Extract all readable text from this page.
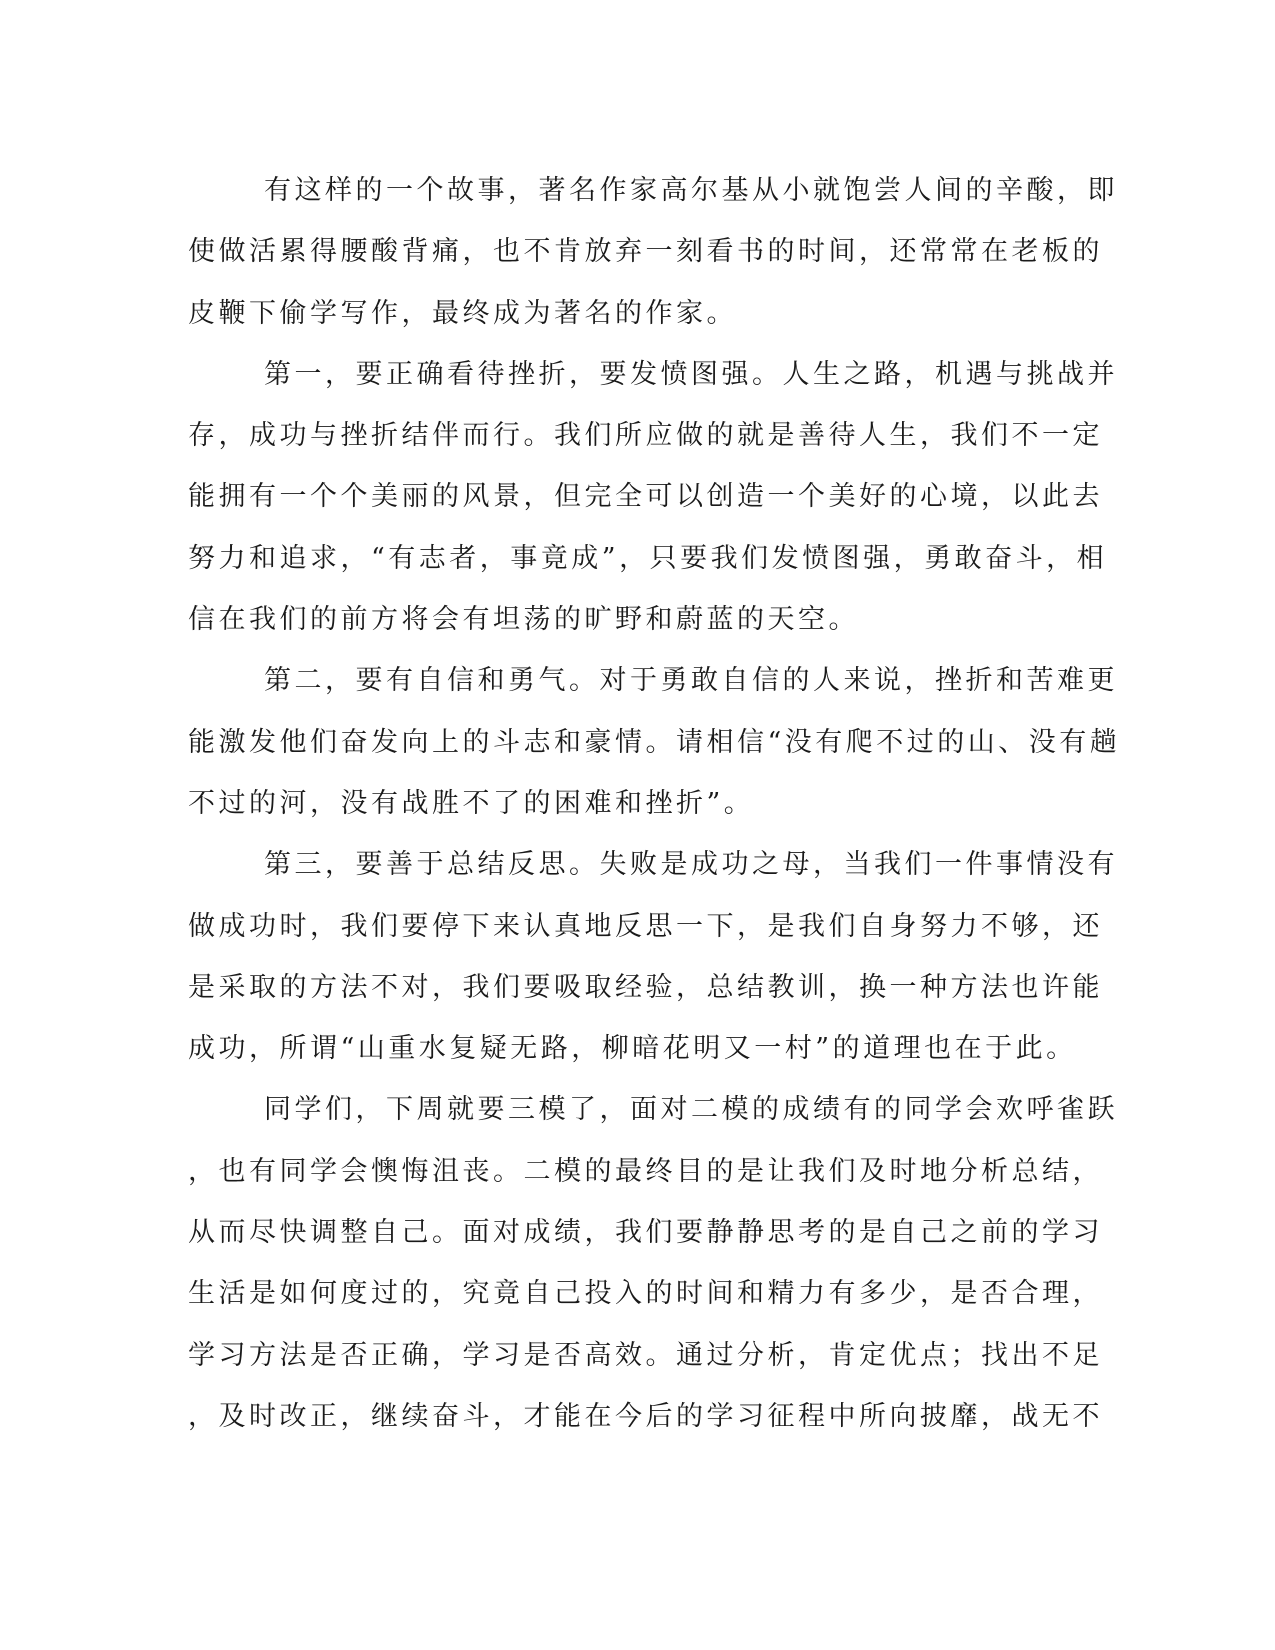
有这样的一个故事，著名作家高尔基从小就饱尝人间的辛酸，即
使做活累得腰酸背痛，也不肯放弃一刻看书的时间，还常常在老板的
皮鞭下偷学写作，最终成为著名的作家。
第一，要正确看待挫折，要发愤图强。人生之路，机遇与挑战并
存，成功与挫折结伴而行。我们所应做的就是善待人生，我们不一定
能拥有一个个美丽的风景，但完全可以创造一个美好的心境，以此去
努力和追求，“有志者，事竟成”，只要我们发愤图强，勇敢奋斗，相
信在我们的前方将会有坦荡的旷野和蔚蓝的天空。
第二，要有自信和勇气。对于勇敢自信的人来说，挫折和苦难更
能激发他们奋发向上的斗志和豪情。请相信“没有爬不过的山、没有趟
不过的河，没有战胜不了的困难和挫折”。
第三，要善于总结反思。失败是成功之母，当我们一件事情没有
做成功时，我们要停下来认真地反思一下，是我们自身努力不够，还
是采取的方法不对，我们要吸取经验，总结教训，换一种方法也许能
成功，所谓“山重水复疑无路，柳暗花明又一村”的道理也在于此。
同学们，下周就要三模了，面对二模的成绩有的同学会欢呼雀跃
，也有同学会懊悔沮丧。二模的最终目的是让我们及时地分析总结，
从而尽快调整自己。面对成绩，我们要静静思考的是自己之前的学习
生活是如何度过的，究竟自己投入的时间和精力有多少，是否合理，
学习方法是否正确，学习是否高效。通过分析，肯定优点；找出不足
，及时改正，继续奋斗，才能在今后的学习征程中所向披靡，战无不
